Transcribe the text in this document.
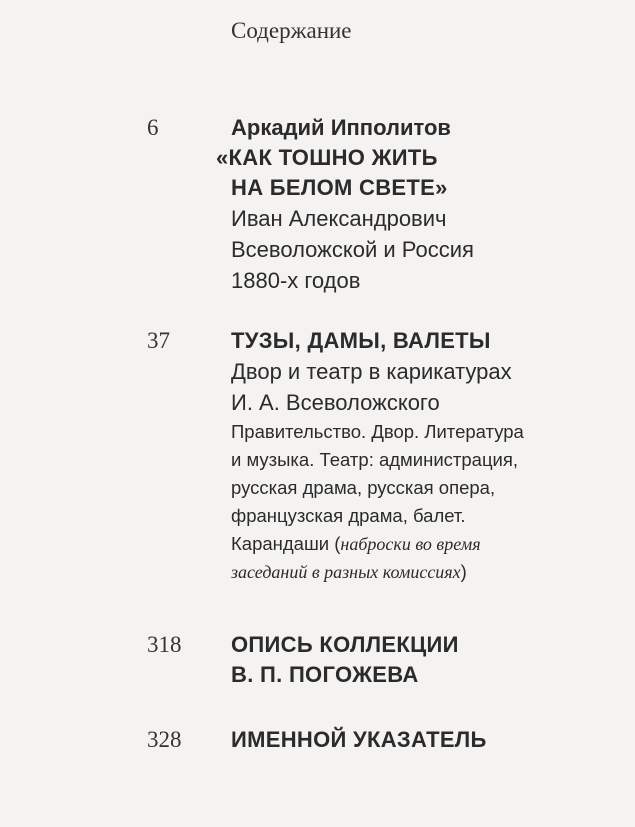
Содержание
6	Аркадий Ипполитов
«КАК ТОШНО ЖИТЬ
НА БЕЛОМ СВЕТЕ»
Иван Александрович
Всеволожской и Россия
1880-х годов
37	ТУЗЫ, ДАМЫ, ВАЛЕТЫ
Двор и театр в карикатурах
И. А. Всеволожского
Правительство. Двор. Литература
и музыка. Театр: администрация,
русская драма, русская опера,
французская драма, балет.
Карандаши (наброски во время
заседаний в разных комиссиях)
318 ОПИСЬ КОЛЛЕКЦИИ
В. П. ПОГОЖЕВА
328 ИМЕННОЙ УКАЗАТЕЛЬ
